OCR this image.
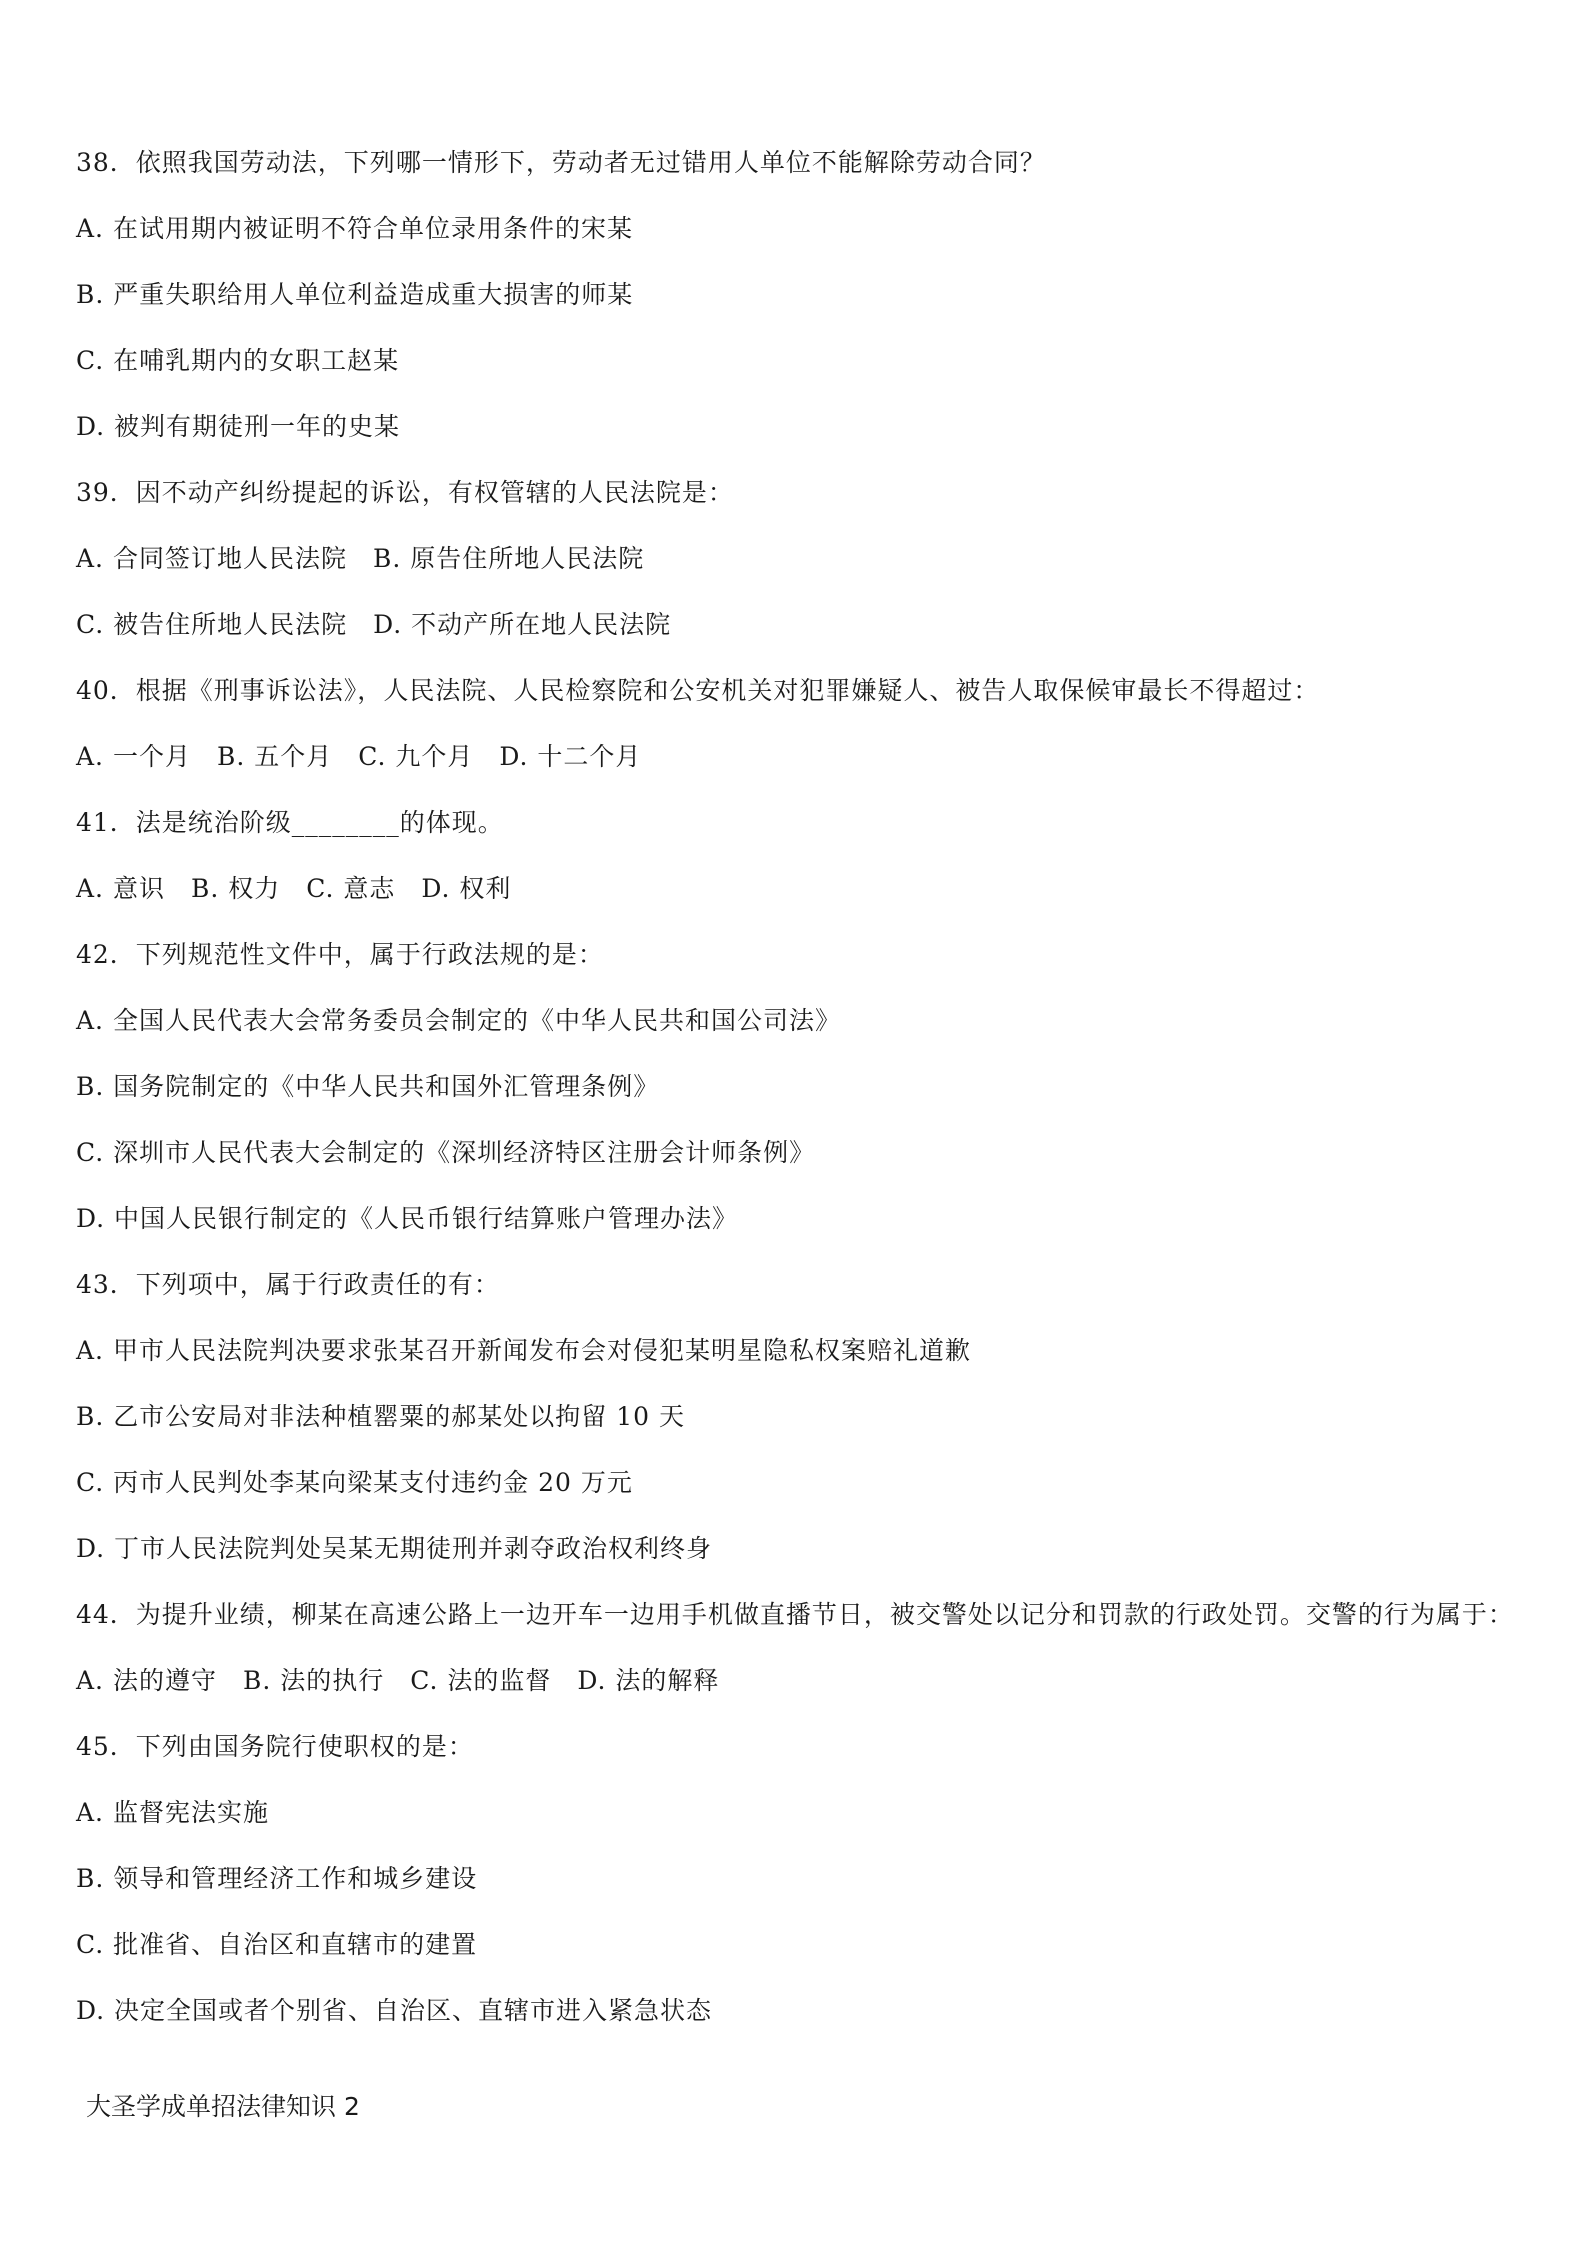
38．依照我国劳动法，下列哪一情形下，劳动者无过错用人单位不能解除劳动合同？
A. 在试用期内被证明不符合单位录用条件的宋某
B. 严重失职给用人单位利益造成重大损害的师某
C. 在哺乳期内的女职工赵某
D. 被判有期徒刑一年的史某
39．因不动产纠纷提起的诉讼，有权管辖的人民法院是：
A. 合同签订地人民法院　B. 原告住所地人民法院
C. 被告住所地人民法院　D. 不动产所在地人民法院
40．根据《刑事诉讼法》，人民法院、人民检察院和公安机关对犯罪嫌疑人、被告人取保候审最长不得超过：
A. 一个月　B. 五个月　C. 九个月　D. 十二个月
41．法是统治阶级________的体现。
A. 意识　B. 权力　C. 意志　D. 权利
42．下列规范性文件中，属于行政法规的是：
A. 全国人民代表大会常务委员会制定的《中华人民共和国公司法》
B. 国务院制定的《中华人民共和国外汇管理条例》
C. 深圳市人民代表大会制定的《深圳经济特区注册会计师条例》
D. 中国人民银行制定的《人民币银行结算账户管理办法》
43．下列项中，属于行政责任的有：
A. 甲市人民法院判决要求张某召开新闻发布会对侵犯某明星隐私权案赔礼道歉
B. 乙市公安局对非法种植罂粟的郝某处以拘留 10 天
C. 丙市人民判处李某向梁某支付违约金 20 万元
D. 丁市人民法院判处吴某无期徒刑并剥夺政治权利终身
44．为提升业绩，柳某在高速公路上一边开车一边用手机做直播节日，被交警处以记分和罚款的行政处罚。交警的行为属于：
A. 法的遵守　B. 法的执行　C. 法的监督　D. 法的解释
45．下列由国务院行使职权的是：
A. 监督宪法实施
B. 领导和管理经济工作和城乡建设
C. 批准省、自治区和直辖市的建置
D. 决定全国或者个别省、自治区、直辖市进入紧急状态
大圣学成单招法律知识 2
